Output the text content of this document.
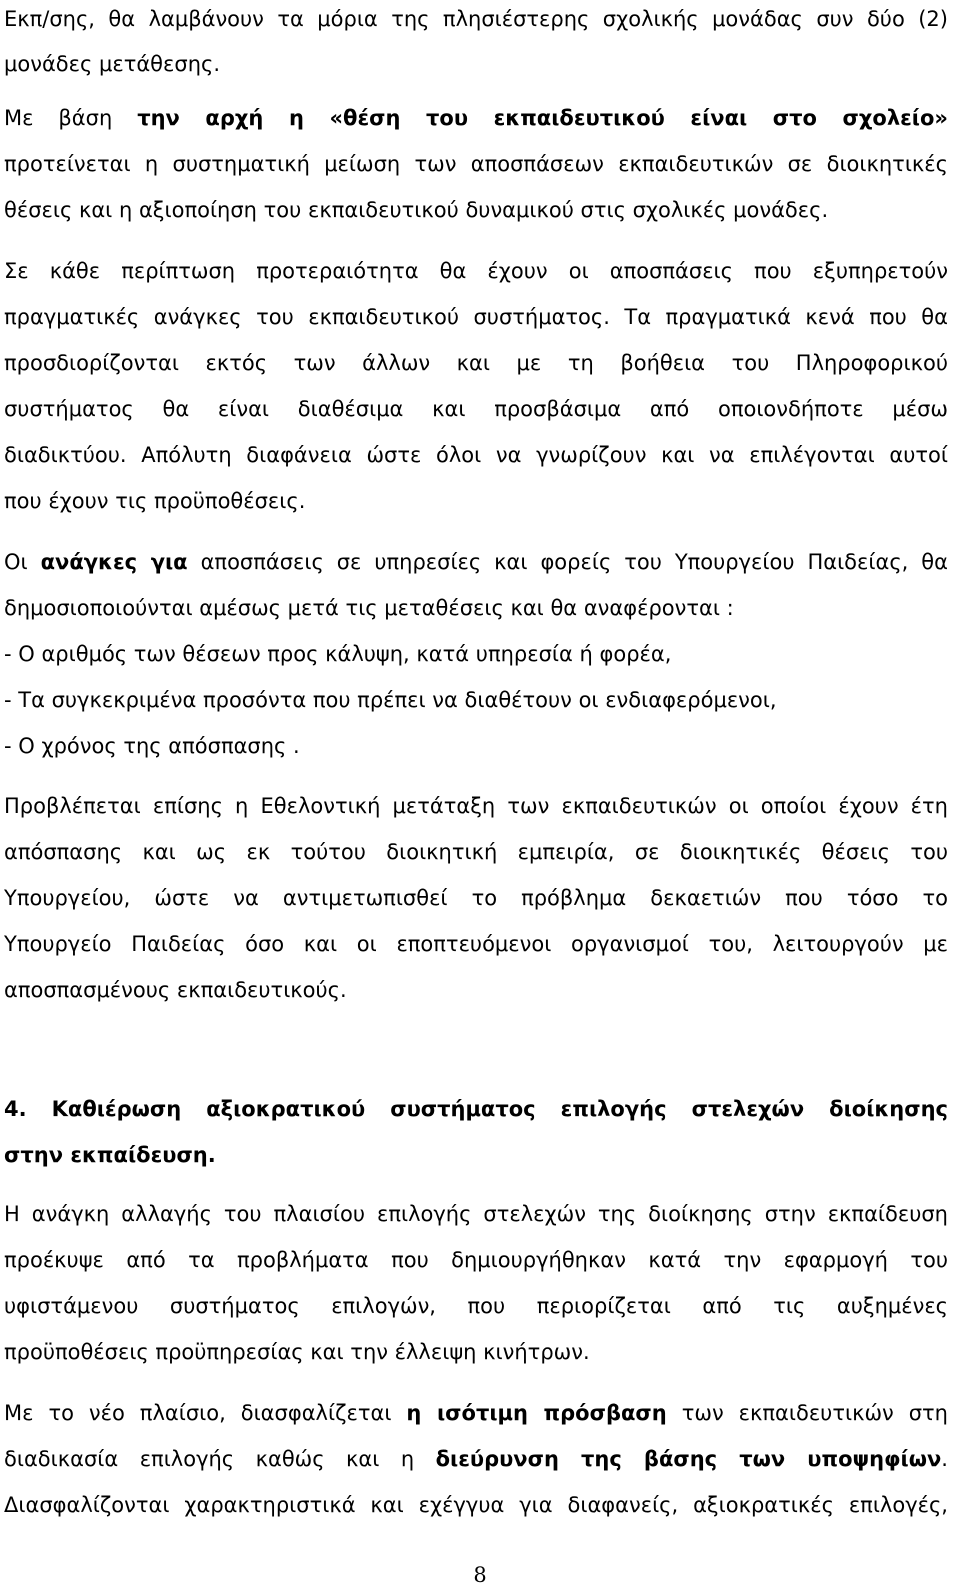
Εκπ/σης, θα λαμβάνουν τα μόρια της πλησιέστερης σχολικής μονάδας συν δύο (2)
μονάδες μετάθεσης.
Με βάση την αρχή η «θέση του εκπαιδευτικού είναι στο σχολείο»
προτείνεται η συστηματική μείωση των αποσπάσεων εκπαιδευτικών σε διοικητικές
θέσεις και η αξιοποίηση του εκπαιδευτικού δυναμικού στις σχολικές μονάδες.
Σε κάθε περίπτωση προτεραιότητα θα έχουν οι αποσπάσεις που εξυπηρετούν
πραγματικές ανάγκες του εκπαιδευτικού συστήματος. Τα πραγματικά κενά που θα
προσδιορίζονται εκτός των άλλων και με τη βοήθεια του Πληροφορικού
συστήματος θα είναι διαθέσιμα και προσβάσιμα από οποιονδήποτε μέσω
διαδικτύου. Απόλυτη διαφάνεια ώστε όλοι να γνωρίζουν και να επιλέγονται αυτοί
που έχουν τις προϋποθέσεις.
Οι ανάγκες για αποσπάσεις σε υπηρεσίες και φορείς του Υπουργείου Παιδείας, θα
δημοσιοποιούνται αμέσως μετά τις μεταθέσεις και θα αναφέρονται :
- Ο αριθμός των θέσεων προς κάλυψη, κατά υπηρεσία ή φορέα,
- Τα συγκεκριμένα προσόντα που πρέπει να διαθέτουν οι ενδιαφερόμενοι,
- Ο χρόνος της απόσπασης .
Προβλέπεται επίσης η Εθελοντική μετάταξη των εκπαιδευτικών οι οποίοι έχουν έτη
απόσπασης και ως εκ τούτου διοικητική εμπειρία, σε διοικητικές θέσεις του
Υπουργείου, ώστε να αντιμετωπισθεί το πρόβλημα δεκαετιών που τόσο το
Υπουργείο Παιδείας όσο και οι εποπτευόμενοι οργανισμοί του, λειτουργούν με
αποσπασμένους εκπαιδευτικούς.
4. Καθιέρωση αξιοκρατικού συστήματος επιλογής στελεχών διοίκησης
στην εκπαίδευση.
Η ανάγκη αλλαγής του πλαισίου επιλογής στελεχών της διοίκησης στην εκπαίδευση
προέκυψε από τα προβλήματα που δημιουργήθηκαν κατά την εφαρμογή του
υφιστάμενου συστήματος επιλογών, που περιορίζεται από τις αυξημένες
προϋποθέσεις προϋπηρεσίας και την έλλειψη κινήτρων.
Με το νέο πλαίσιο, διασφαλίζεται η ισότιμη πρόσβαση των εκπαιδευτικών στη
διαδικασία επιλογής καθώς και η διεύρυνση της βάσης των υποψηφίων.
Διασφαλίζονται χαρακτηριστικά και εχέγγυα για διαφανείς, αξιοκρατικές επιλογές,
8
